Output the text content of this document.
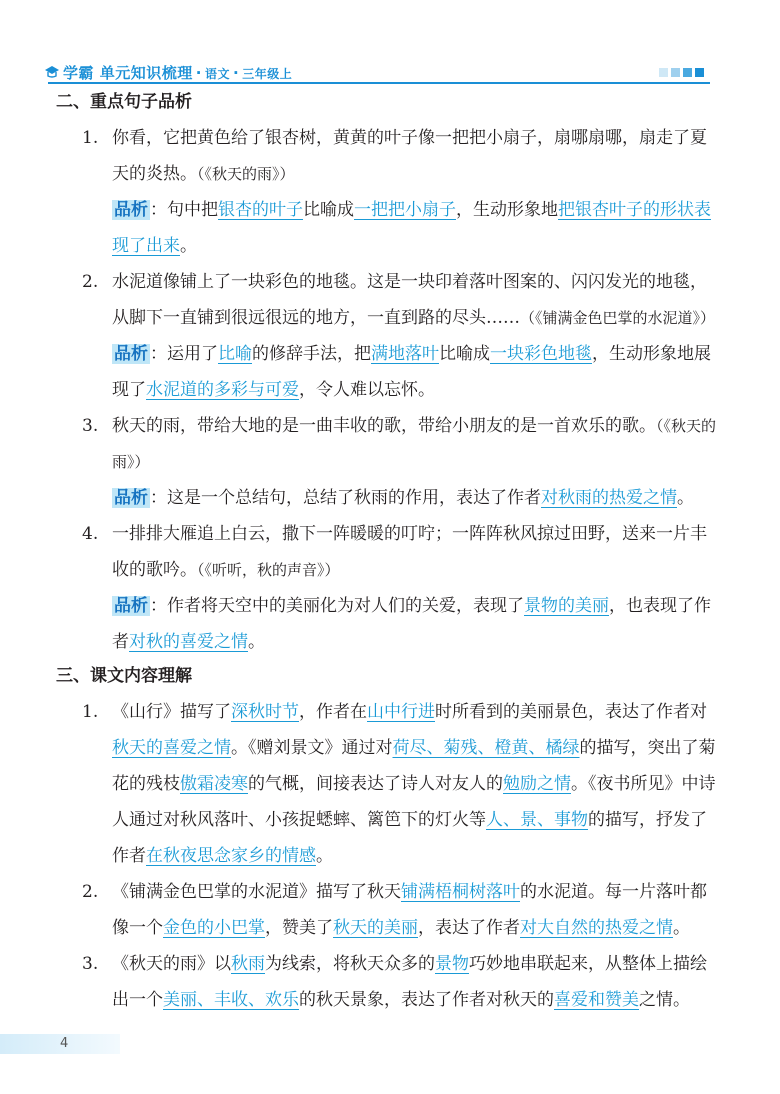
学霸 单元知识梳理 · 语文 · 三年级上
二、重点句子品析
1. 你看，它把黄色给了银杏树，黄黄的叶子像一把把小扇子，扇哪扇哪，扇走了夏天的炎热。（《秋天的雨》）
品析 ：句中把银杏的叶子比喻成一把把小扇子，生动形象地把银杏叶子的形状表现了出来。
2. 水泥道像铺上了一块彩色的地毯。这是一块印着落叶图案的、闪闪发光的地毯，从脚下一直铺到很远很远的地方，一直到路的尽头……（《铺满金色巴掌的水泥道》）
品析 ：运用了比喻的修辞手法，把满地落叶比喻成一块彩色地毯，生动形象地展现了水泥道的多彩与可爱，令人难以忘怀。
3. 秋天的雨，带给大地的是一曲丰收的歌，带给小朋友的是一首欢乐的歌。（《秋天的雨》）
品析 ：这是一个总结句，总结了秋雨的作用，表达了作者对秋雨的热爱之情。
4. 一排排大雁追上白云，撒下一阵暖暖的叮咛；一阵阵秋风掠过田野，送来一片丰收的歌吟。（《听听，秋的声音》）
品析 ：作者将天空中的美丽化为对人们的关爱，表现了景物的美丽，也表现了作者对秋的喜爱之情。
三、课文内容理解
1. 《山行》描写了深秋时节，作者在山中行进时所看到的美丽景色，表达了作者对秋天的喜爱之情。《赠刘景文》通过对荷尽、菊残、橙黄、橘绿的描写，突出了菊花的残枝傲霜凌寒的气概，间接表达了诗人对友人的勉励之情。《夜书所见》中诗人通过对秋风落叶、小孩捉蟋蟀、篱笆下的灯火等人、景、事物的描写，抒发了作者在秋夜思念家乡的情感。
2. 《铺满金色巴掌的水泥道》描写了秋天铺满梧桐树落叶的水泥道。每一片落叶都像一个金色的小巴掌，赞美了秋天的美丽，表达了作者对大自然的热爱之情。
3. 《秋天的雨》以秋雨为线索，将秋天众多的景物巧妙地串联起来，从整体上描绘出一个美丽、丰收、欢乐的秋天景象，表达了作者对秋天的喜爱和赞美之情。
4
